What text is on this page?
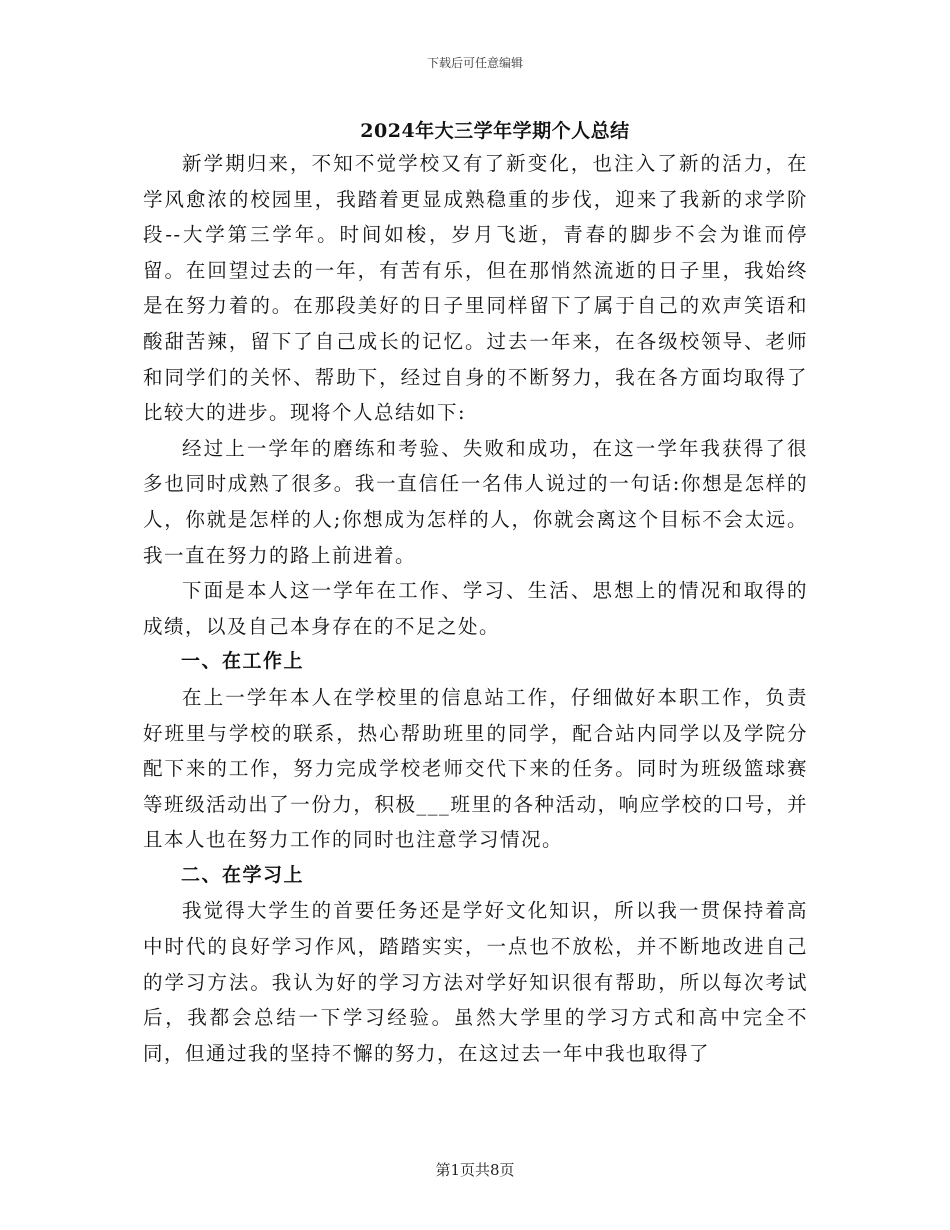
下载后可任意编辑
2024年大三学年学期个人总结

新学期归来，不知不觉学校又有了新变化，也注入了新的活力，在学风愈浓的校园里，我踏着更显成熟稳重的步伐，迎来了我新的求学阶段--大学第三学年。时间如梭，岁月飞逝，青春的脚步不会为谁而停留。在回望过去的一年，有苦有乐，但在那悄然流逝的日子里，我始终是在努力着的。在那段美好的日子里同样留下了属于自己的欢声笑语和酸甜苦辣，留下了自己成长的记忆。过去一年来，在各级校领导、老师和同学们的关怀、帮助下，经过自身的不断努力，我在各方面均取得了比较大的进步。现将个人总结如下:

经过上一学年的磨练和考验、失败和成功，在这一学年我获得了很多也同时成熟了很多。我一直信任一名伟人说过的一句话:你想是怎样的人，你就是怎样的人;你想成为怎样的人，你就会离这个目标不会太远。我一直在努力的路上前进着。

下面是本人这一学年在工作、学习、生活、思想上的情况和取得的成绩，以及自己本身存在的不足之处。

一、在工作上

在上一学年本人在学校里的信息站工作，仔细做好本职工作，负责好班里与学校的联系，热心帮助班里的同学，配合站内同学以及学院分配下来的工作，努力完成学校老师交代下来的任务。同时为班级篮球赛等班级活动出了一份力，积极___班里的各种活动，响应学校的口号，并且本人也在努力工作的同时也注意学习情况。

二、在学习上

我觉得大学生的首要任务还是学好文化知识，所以我一贯保持着高中时代的良好学习作风，踏踏实实，一点也不放松，并不断地改进自己的学习方法。我认为好的学习方法对学好知识很有帮助，所以每次考试后，我都会总结一下学习经验。虽然大学里的学习方式和高中完全不同，但通过我的坚持不懈的努力，在这过去一年中我也取得了

第1页共8页
